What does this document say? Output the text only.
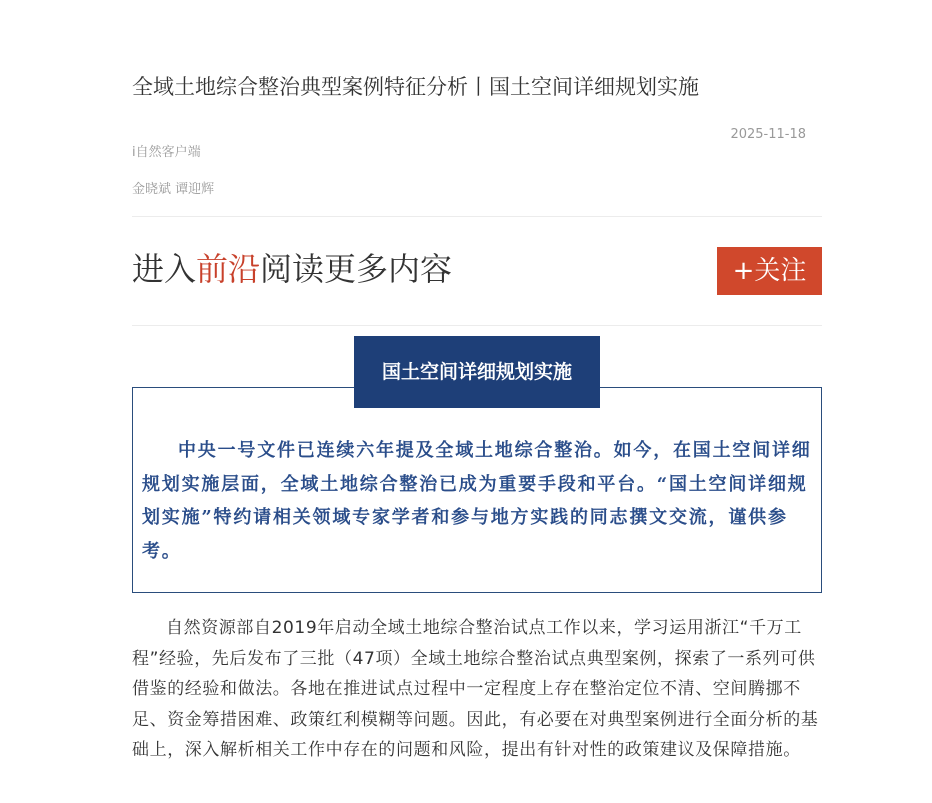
全域土地综合整治典型案例特征分析丨国土空间详细规划实施
2025-11-18
i自然客户端
金晓斌 谭迎辉
进入前沿阅读更多内容	+关注
国土空间详细规划实施

中央一号文件已连续六年提及全域土地综合整治。如今，在国土空间详细规划实施层面，全域土地综合整治已成为重要手段和平台。“国土空间详细规划实施”特约请相关领域专家学者和参与地方实践的同志撰文交流，谨供参考。

自然资源部自2019年启动全域土地综合整治试点工作以来，学习运用浙江“千万工程”经验，先后发布了三批（47项）全域土地综合整治试点典型案例，探索了一系列可供借鉴的经验和做法。各地在推进试点过程中一定程度上存在整治定位不清、空间腾挪不足、资金筹措困难、政策红利模糊等问题。因此，有必要在对典型案例进行全面分析的基础上，深入解析相关工作中存在的问题和风险，提出有针对性的政策建议及保障措施。
